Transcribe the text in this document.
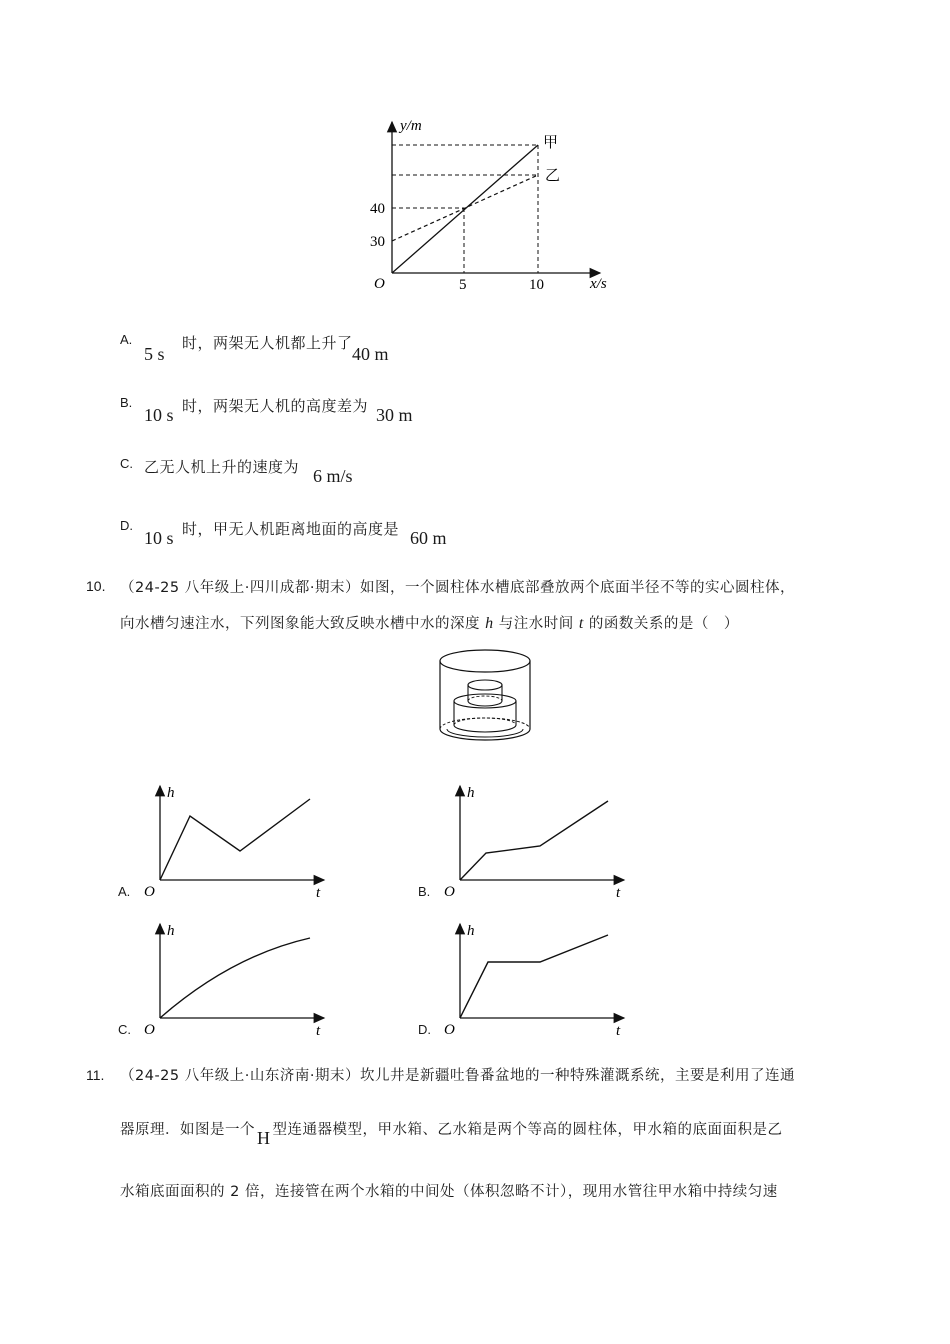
y/m
x/s
O
40
30
5	10
甲
乙
A.
5 s
时，两架无人机都上升了
40 m
B.
10 s 时，两架无人机的高度差为 30 m
C. 乙无人机上升的速度为 6 m/s
D.
10 s 时，甲无人机距离地面的高度是 60 m
10. （24-25 八年级上·四川成都·期末）如图，一个圆柱体水槽底部叠放两个底面半径不等的实心圆柱体，
向水槽匀速注水，下列图象能大致反映水槽中水的深度 h 与注水时间 t 的函数关系的是（　）
A.
h
t
O	B.
h
t
O
C.
h
t
O	D.
h
t
O
11. （24-25 八年级上·山东济南·期末）坎儿井是新疆吐鲁番盆地的一种特殊灌溉系统，主要是利用了连通
器原理．如图是一个 H 型连通器模型，甲水箱、乙水箱是两个等高的圆柱体，甲水箱的底面面积是乙
水箱底面面积的 2 倍，连接管在两个水箱的中间处（体积忽略不计），现用水管往甲水箱中持续匀速
